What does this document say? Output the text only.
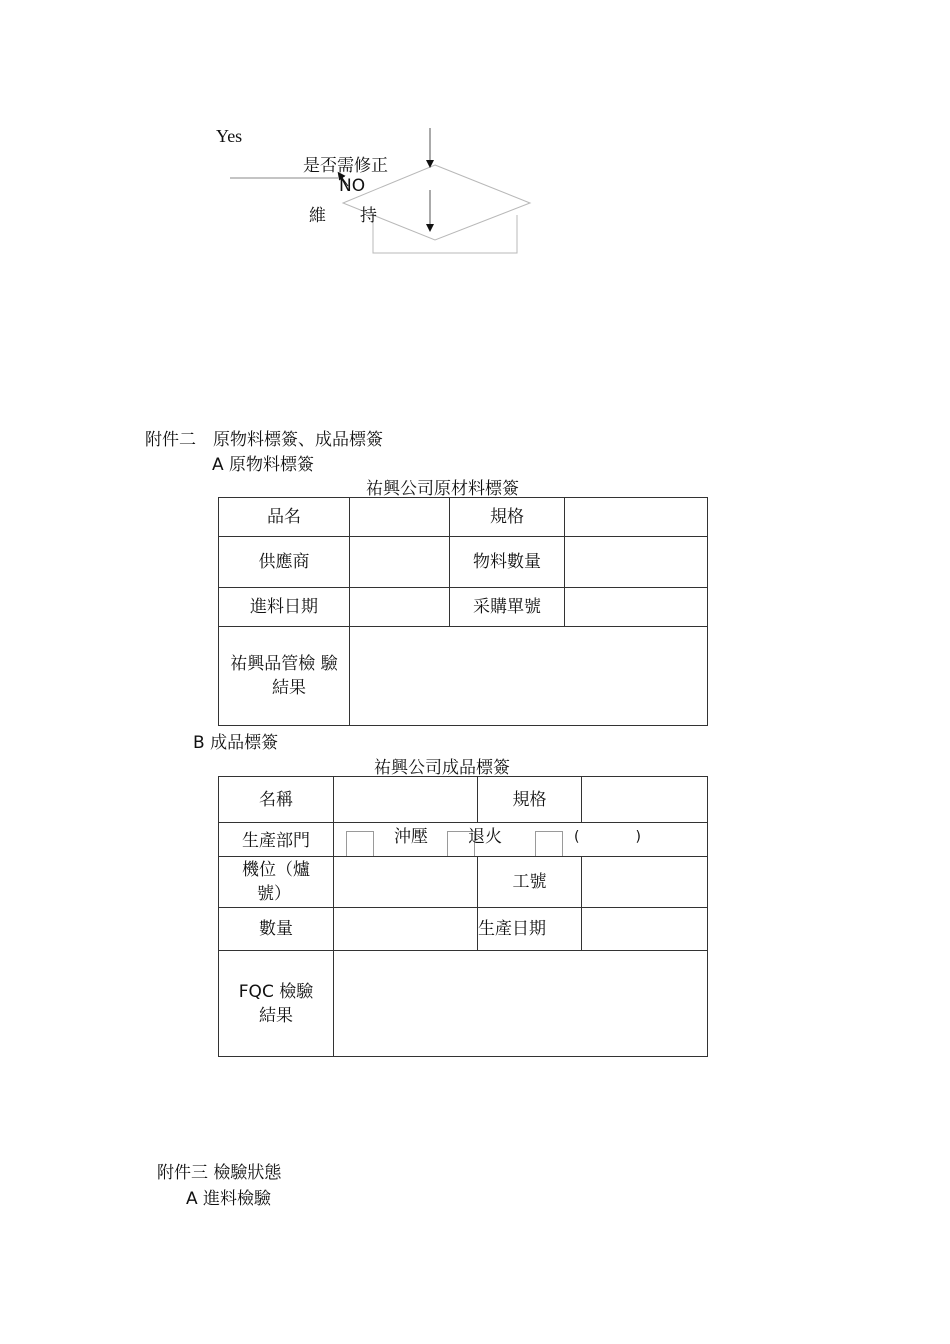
Yes
是否需修正
NO
維　　持
附件二　原物料標簽、成品標簽
A 原物料標簽
祐興公司原材料標簽
品名		規格	
供應商		物料數量	
進料日期		采購單號	

祐興品管檢 驗
結果			

B 成品標簽
祐興公司成品標簽
名稱		規格	
生產部門	沖壓 退火 (　　　　)		

機位（爐
號）		工號	
數量		生產日期	

FQC 檢驗
結果			

附件三 檢驗狀態
A 進料檢驗
